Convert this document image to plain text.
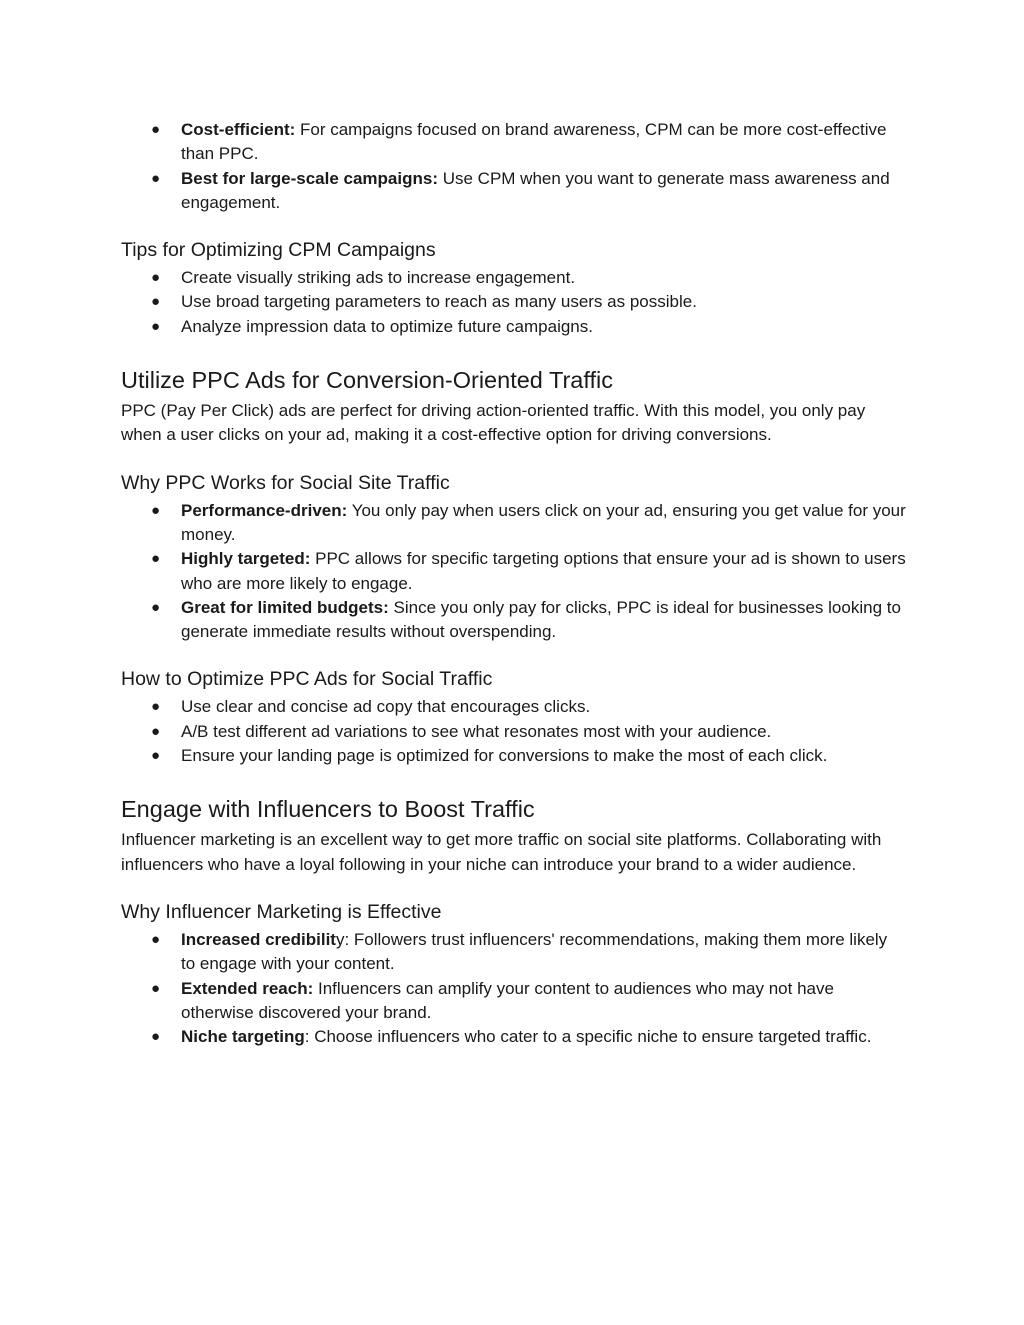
● Cost-efficient: For campaigns focused on brand awareness, CPM can be more cost-effective than PPC.
● Best for large-scale campaigns: Use CPM when you want to generate mass awareness and engagement.
Tips for Optimizing CPM Campaigns
● Create visually striking ads to increase engagement.
● Use broad targeting parameters to reach as many users as possible.
● Analyze impression data to optimize future campaigns.
Utilize PPC Ads for Conversion-Oriented Traffic

PPC (Pay Per Click) ads are perfect for driving action-oriented traffic. With this model, you only pay when a user clicks on your ad, making it a cost-effective option for driving conversions.

Why PPC Works for Social Site Traffic
● Performance-driven: You only pay when users click on your ad, ensuring you get value for your money.
● Highly targeted: PPC allows for specific targeting options that ensure your ad is shown to users who are more likely to engage.
● Great for limited budgets: Since you only pay for clicks, PPC is ideal for businesses looking to generate immediate results without overspending.
How to Optimize PPC Ads for Social Traffic
● Use clear and concise ad copy that encourages clicks.
● A/B test different ad variations to see what resonates most with your audience.
● Ensure your landing page is optimized for conversions to make the most of each click.
Engage with Influencers to Boost Traffic

Influencer marketing is an excellent way to get more traffic on social site platforms. Collaborating with influencers who have a loyal following in your niche can introduce your brand to a wider audience.

Why Influencer Marketing is Effective
● Increased credibility: Followers trust influencers' recommendations, making them more likely to engage with your content.
● Extended reach: Influencers can amplify your content to audiences who may not have otherwise discovered your brand.
● Niche targeting: Choose influencers who cater to a specific niche to ensure targeted traffic.
